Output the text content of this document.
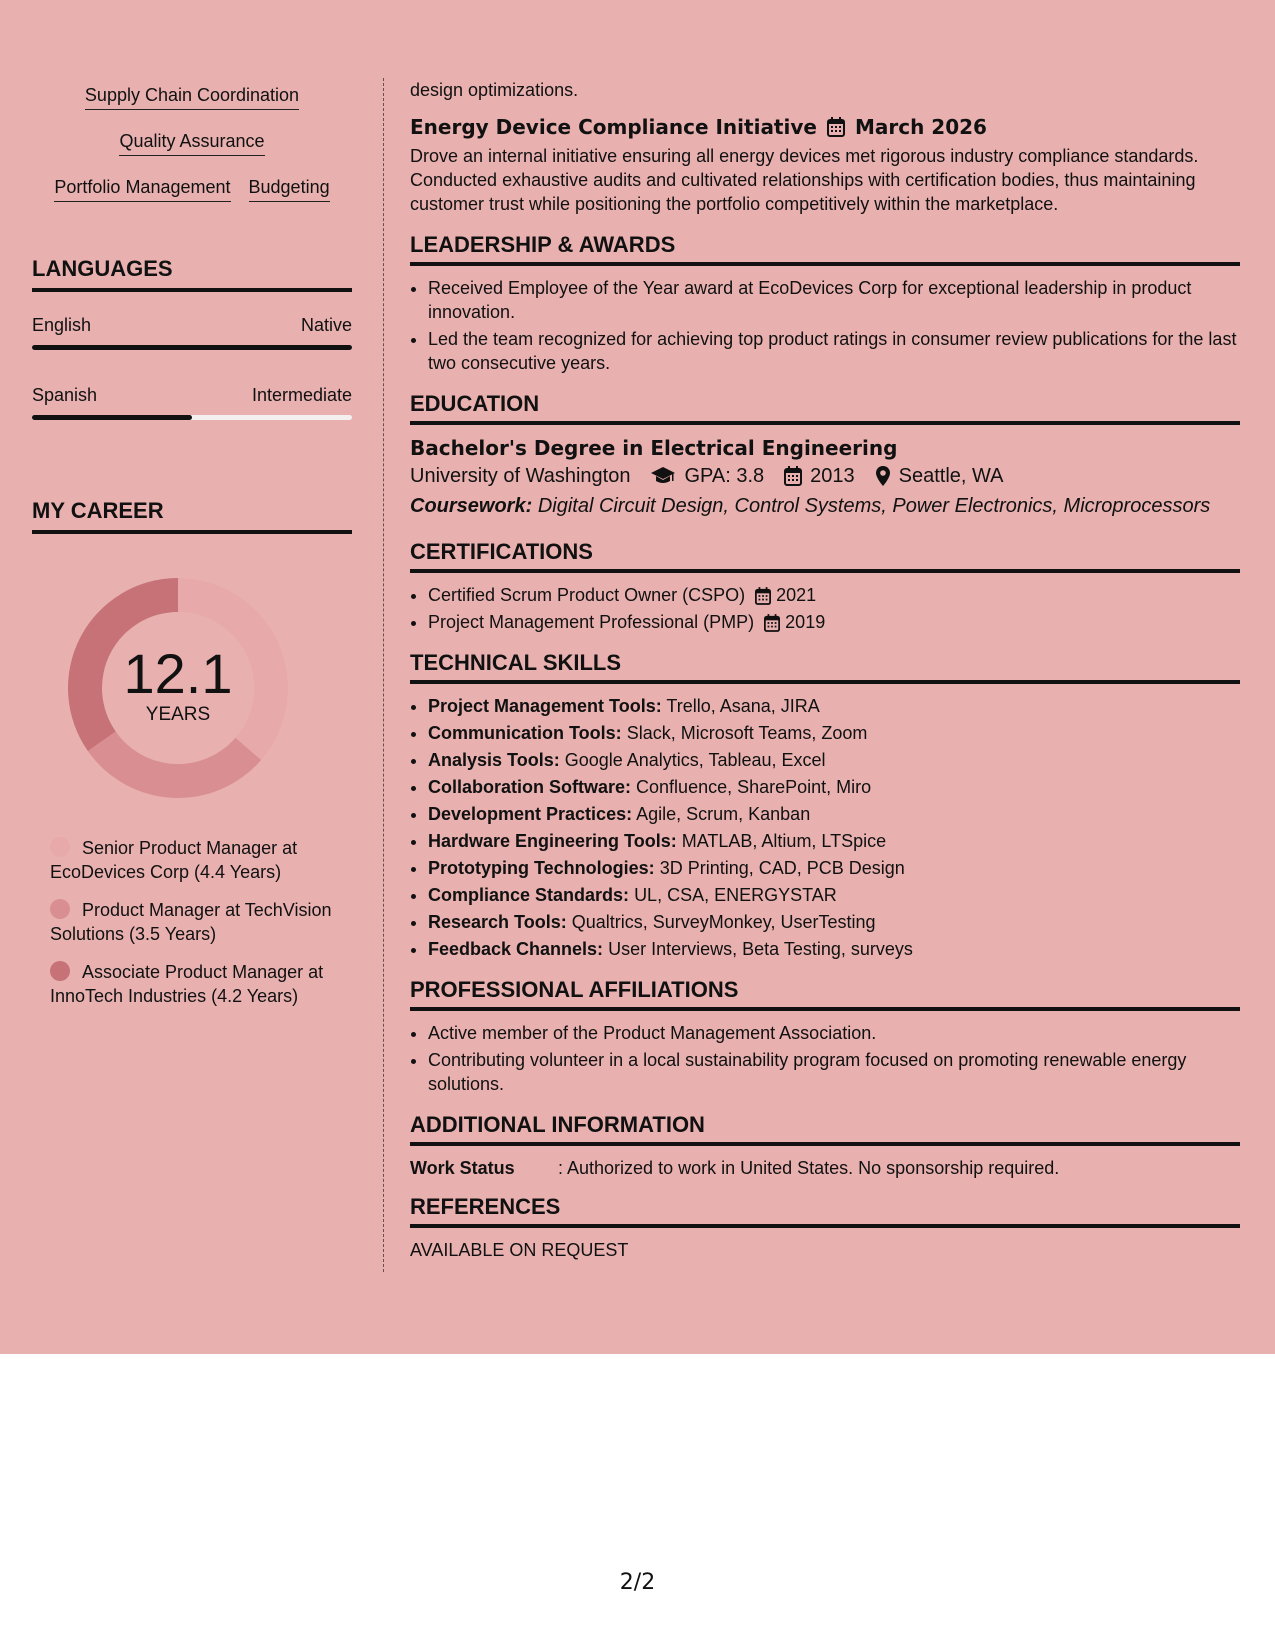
Supply Chain Coordination
Quality Assurance
Portfolio Management Budgeting
LANGUAGES
English	Native
Spanish	Intermediate
MY CAREER
12.1
YEARS
Senior Product Manager at EcoDevices Corp (4.4 Years)
Product Manager at TechVision Solutions (3.5 Years)
Associate Product Manager at InnoTech Industries (4.2 Years)

design optimizations.

Energy Device Compliance Initiative March 2026

Drove an internal initiative ensuring all energy devices met rigorous industry compliance standards. Conducted exhaustive audits and cultivated relationships with certification bodies, thus maintaining customer trust while positioning the portfolio competitively within the marketplace.

LEADERSHIP & AWARDS
• Received Employee of the Year award at EcoDevices Corp for exceptional leadership in product innovation.
• Led the team recognized for achieving top product ratings in consumer review publications for the last two consecutive years.
EDUCATION
Bachelor's Degree in Electrical Engineering
University of Washington	GPA: 3.8 2013 Seattle, WA
Coursework: Digital Circuit Design, Control Systems, Power Electronics, Microprocessors
CERTIFICATIONS
• Certified Scrum Product Owner (CSPO) 2021
• Project Management Professional (PMP) 2019
TECHNICAL SKILLS
• Project Management Tools: Trello, Asana, JIRA
• Communication Tools: Slack, Microsoft Teams, Zoom
• Analysis Tools: Google Analytics, Tableau, Excel
• Collaboration Software: Confluence, SharePoint, Miro
• Development Practices: Agile, Scrum, Kanban
• Hardware Engineering Tools: MATLAB, Altium, LTSpice
• Prototyping Technologies: 3D Printing, CAD, PCB Design
• Compliance Standards: UL, CSA, ENERGYSTAR
• Research Tools: Qualtrics, SurveyMonkey, UserTesting
• Feedback Channels: User Interviews, Beta Testing, surveys
PROFESSIONAL AFFILIATIONS
• Active member of the Product Management Association.
• Contributing volunteer in a local sustainability program focused on promoting renewable energy solutions.
ADDITIONAL INFORMATION
Work Status	: Authorized to work in United States. No sponsorship required.
REFERENCES

AVAILABLE ON REQUEST

2/2
